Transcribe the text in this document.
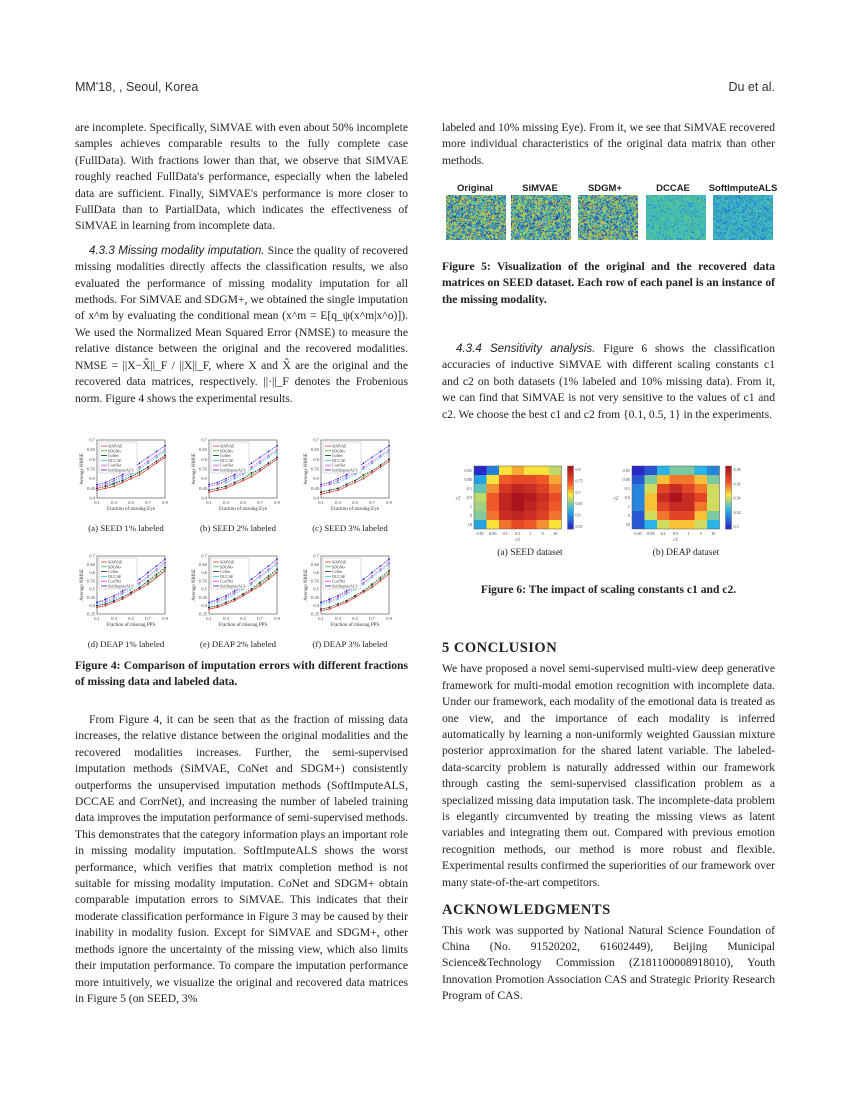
MM'18, , Seoul, Korea	Du et al.

are incomplete. Specifically, SiMVAE with even about 50% incomplete samples achieves comparable results to the fully complete case (FullData). With fractions lower than that, we observe that SiMVAE roughly reached FullData's performance, especially when the labeled data are sufficient. Finally, SiMVAE's performance is more closer to FullData than to PartialData, which indicates the effectiveness of SiMVAE in learning from incomplete data.

4.3.3 Missing modality imputation. Since the quality of recovered missing modalities directly affects the classification results, we also evaluated the performance of missing modality imputation for all methods. For SiMVAE and SDGM+, we obtained the single imputation of x^m by evaluating the conditional mean (x^m = E[q_ψ(x^m|x^o)]). We used the Normalized Mean Squared Error (NMSE) to measure the relative distance between the original and the recovered modalities. NMSE = ||X−X̂||_F / ||X||_F, where X and X̂ are the original and the recovered data matrices, respectively. ||·||_F denotes the Frobenious norm. Figure 4 shows the experimental results.

0.4
0.45
0.5
0.55
0.6
0.65
0.7
0.1	0.3	0.5	0.7	0.9
Fraction of missing Eye
Average NMSE
SiMVAE
SDGM+
CoNet
DCCAE
CorrNet
SoftImputeALS
(a) SEED 1% labeled
0.4
0.45
0.5
0.55
0.6
0.65
0.7
0.1	0.3	0.5	0.7	0.9
Fraction of missing Eye
Average NMSE
SiMVAE
SDGM+
CoNet
DCCAE
CorrNet
SoftImputeALS
(b) SEED 2% labeled
0.4
0.45
0.5
0.55
0.6
0.65
0.7
0.1	0.3	0.5	0.7	0.9
Fraction of missing Eye
Average NMSE
SiMVAE
SDGM+
CoNet
DCCAE
CorrNet
SoftImputeALS
(c) SEED 3% labeled
0.35
0.4
0.45
0.5
0.55
0.6
0.65
0.7
0.1	0.3	0.5	0.7	0.9
Fraction of missing PPS
Average NMSE
SiMVAE
SDGM+
CoNet
DCCAE
CorrNet
SoftImputeALS
(d) DEAP 1% labeled
0.35
0.4
0.45
0.5
0.55
0.6
0.65
0.7
0.1	0.3	0.5	0.7	0.9
Fraction of missing PPS
Average NMSE
SiMVAE
SDGM+
CoNet
DCCAE
CorrNet
SoftImputeALS
(e) DEAP 2% labeled
0.35
0.4
0.45
0.5
0.55
0.6
0.65
0.7
0.1	0.3	0.5	0.7	0.9
Fraction of missing PPS
Average NMSE
SiMVAE
SDGM+
CoNet
DCCAE
CorrNet
SoftImputeALS
(f) DEAP 3% labeled

Figure 4: Comparison of imputation errors with different fractions of missing data and labeled data.

From Figure 4, it can be seen that as the fraction of missing data increases, the relative distance between the original modalities and the recovered modalities increases. Further, the semi-supervised imputation methods (SiMVAE, CoNet and SDGM+) consistently outperforms the unsupervised imputation methods (SoftImputeALS, DCCAE and CorrNet), and increasing the number of labeled training data improves the imputation performance of semi-supervised methods. This demonstrates that the category information plays an important role in missing modality imputation. SoftImputeALS shows the worst performance, which verifies that matrix completion method is not suitable for missing modality imputation. CoNet and SDGM+ obtain comparable imputation errors to SiMVAE. This indicates that their moderate classification performance in Figure 3 may be caused by their inability in modality fusion. Except for SiMVAE and SDGM+, other methods ignore the uncertainty of the missing view, which also limits their imputation performance. To compare the imputation performance more intuitively, we visualize the original and recovered data matrices in Figure 5 (on SEED, 3%

labeled and 10% missing Eye). From it, we see that SiMVAE recovered more individual characteristics of the original data matrix than other methods.

Original	SiMVAE	SDGM+	DCCAE	SoftImputeALS

Figure 5: Visualization of the original and the recovered data matrices on SEED dataset. Each row of each panel is an instance of the missing modality.

4.3.4 Sensitivity analysis. Figure 6 shows the classification accuracies of inductive SiMVAE with different scaling constants c1 and c2 on both datasets (1% labeled and 10% missing data). From it, we can find that SiMVAE is not very sensitive to the values of c1 and c2. We choose the best c1 and c2 from {0.1, 0.5, 1} in the experiments.

0.01
0.05
0.1
0.5
1
5
10
0.01 0.05 0.1 0.5 1 5 10
c1
c2
0.8
0.75
0.7
0.65
0.6
0.55
0.01
0.05
0.1
0.5
1
5
10
0.01 0.05 0.1 0.5 1 5 10
c1
c2
0.38
0.36
0.34
0.32
0.3
(a) SEED dataset	(b) DEAP dataset

Figure 6: The impact of scaling constants c1 and c2.

5 CONCLUSION

We have proposed a novel semi-supervised multi-view deep generative framework for multi-modal emotion recognition with incomplete data. Under our framework, each modality of the emotional data is treated as one view, and the importance of each modality is inferred automatically by learning a non-uniformly weighted Gaussian mixture posterior approximation for the shared latent variable. The labeled-data-scarcity problem is naturally addressed within our framework through casting the semi-supervised classification problem as a specialized missing data imputation task. The incomplete-data problem is elegantly circumvented by treating the missing views as latent variables and integrating them out. Compared with previous emotion recognition methods, our method is more robust and flexible. Experimental results confirmed the superiorities of our framework over many state-of-the-art competitors.

ACKNOWLEDGMENTS

This work was supported by National Natural Science Foundation of China (No. 91520202, 61602449), Beijing Municipal Science&Technology Commission (Z181100008918010), Youth Innovation Promotion Association CAS and Strategic Priority Research Program of CAS.
